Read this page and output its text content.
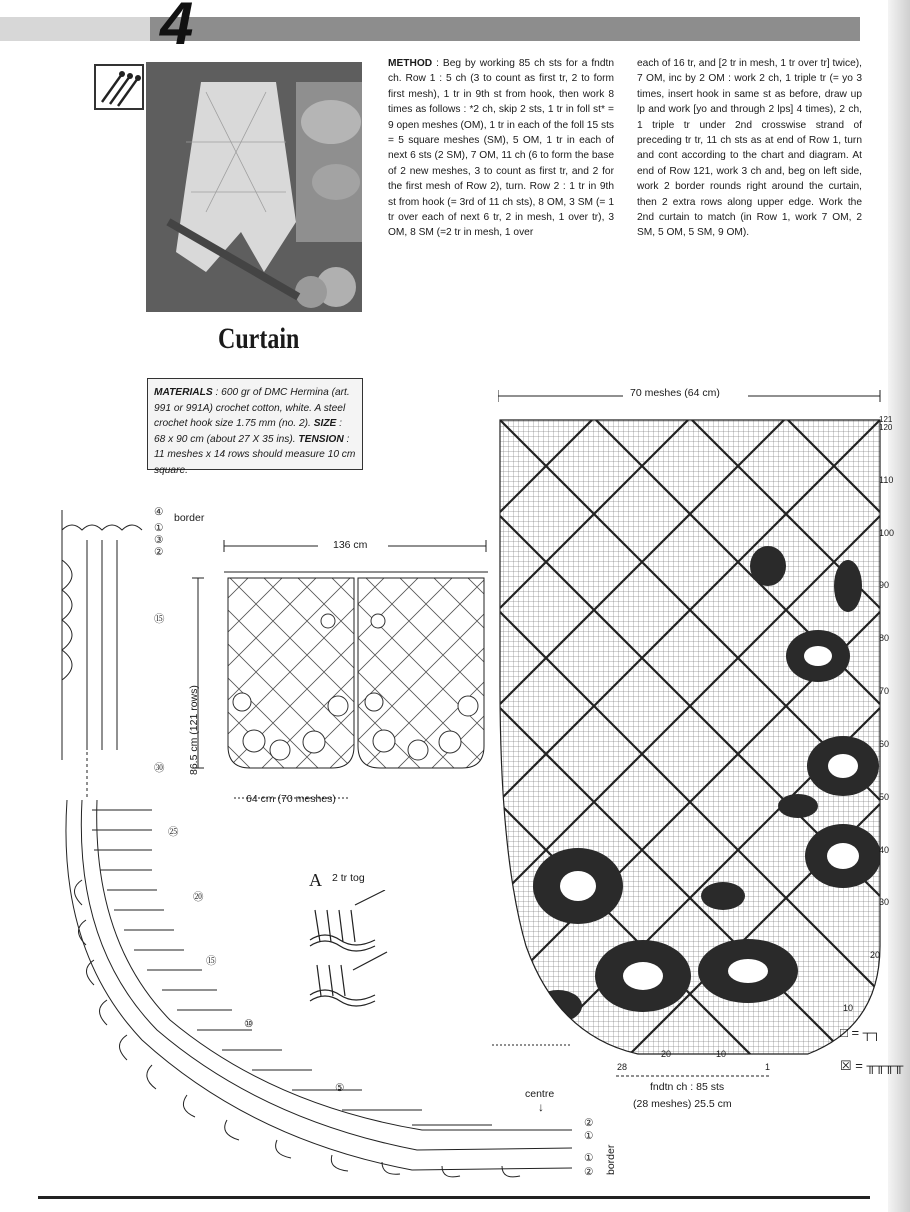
4
METHOD : Beg by working 85 ch sts for a fndtn ch. Row 1 : 5 ch (3 to count as first tr, 2 to form first mesh), 1 tr in 9th st from hook, then work 8 times as follows : *2 ch, skip 2 sts, 1 tr in foll st* = 9 open meshes (OM), 1 tr in each of the foll 15 sts = 5 square meshes (SM), 5 OM, 1 tr in each of next 6 sts (2 SM), 7 OM, 11 ch (6 to form the base of 2 new meshes, 3 to count as first tr, and 2 for the first mesh of Row 2), turn. Row 2 : 1 tr in 9th st from hook (= 3rd of 11 ch sts), 8 OM, 3 SM (= 1 tr over each of next 6 tr, 2 in mesh, 1 over tr), 3 OM, 8 SM (=2 tr in mesh, 1 over
each of 16 tr, and [2 tr in mesh, 1 tr over tr] twice), 7 OM, inc by 2 OM : work 2 ch, 1 triple tr (= yo 3 times, insert hook in same st as before, draw up lp and work [yo and through 2 lps] 4 times), 2 ch, 1 triple tr under 2nd crosswise strand of preceding tr tr, 11 ch sts as at end of Row 1, turn and cont according to the chart and diagram. At end of Row 121, work 3 ch and, beg on left side, work 2 border rounds right around the curtain, then 2 extra rows along upper edge. Work the 2nd curtain to match (in Row 1, work 7 OM, 2 SM, 5 OM, 5 SM, 9 OM).
Curtain
MATERIALS : 600 gr of DMC Hermina (art. 991 or 991A) crochet cotton, white. A steel crochet hook size 1.75 mm (no. 2). SIZE : 68 x 90 cm (about 27 X 35 ins). TENSION : 11 meshes x 14 rows should measure 10 cm square.
136 cm
86.5 cm (121 rows)
64 cm (70 meshes)
A 2 tr tog
border
centre
↓
border
④
①
③
②
⑮
㉚
㉕
⑳
⑮
⑩
⑤
②
①
①
②
70 meshes (64 cm)
121
120
110
100
90
80
70
60
50
40
30
20
10
28
20	10
1
fndtn ch : 85 sts
(28 meshes) 25.5 cm
□ = ┬┐
☒ = ╥╥╥╥
